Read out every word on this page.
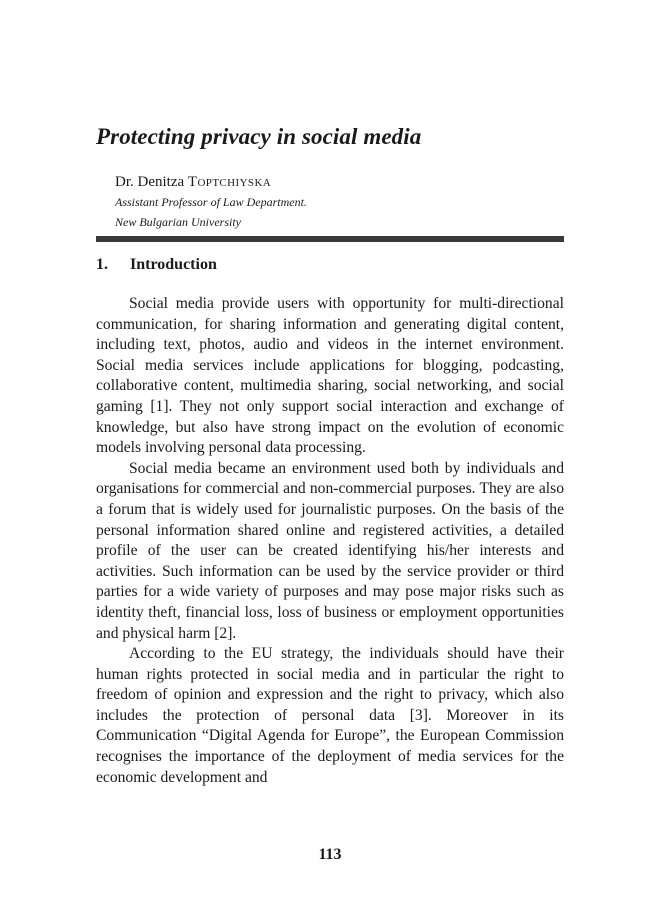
Protecting privacy in social media

Dr. Denitza Toptchiyska

Assistant Professor of Law Department.

New Bulgarian University

1. Introduction

Social media provide users with opportunity for multi-directional communication, for sharing information and generating digital content, including text, photos, audio and videos in the internet environment. Social media services include applications for blogging, podcasting, collaborative content, multimedia sharing, social networking, and social gaming [1]. They not only support social interaction and exchange of knowledge, but also have strong impact on the evolution of economic models involving personal data processing.

Social media became an environment used both by individuals and organisations for commercial and non-commercial purposes. They are also a forum that is widely used for journalistic purposes. On the basis of the personal information shared online and registered activities, a detailed profile of the user can be created identifying his/her interests and activities. Such information can be used by the service provider or third parties for a wide variety of purposes and may pose major risks such as identity theft, financial loss, loss of business or employment opportunities and physical harm [2].

According to the EU strategy, the individuals should have their human rights protected in social media and in particular the right to freedom of opinion and expression and the right to privacy, which also includes the protection of personal data [3]. Moreover in its Communication “Digital Agenda for Europe”, the European Commission recognises the importance of the deployment of media services for the economic development and

113
